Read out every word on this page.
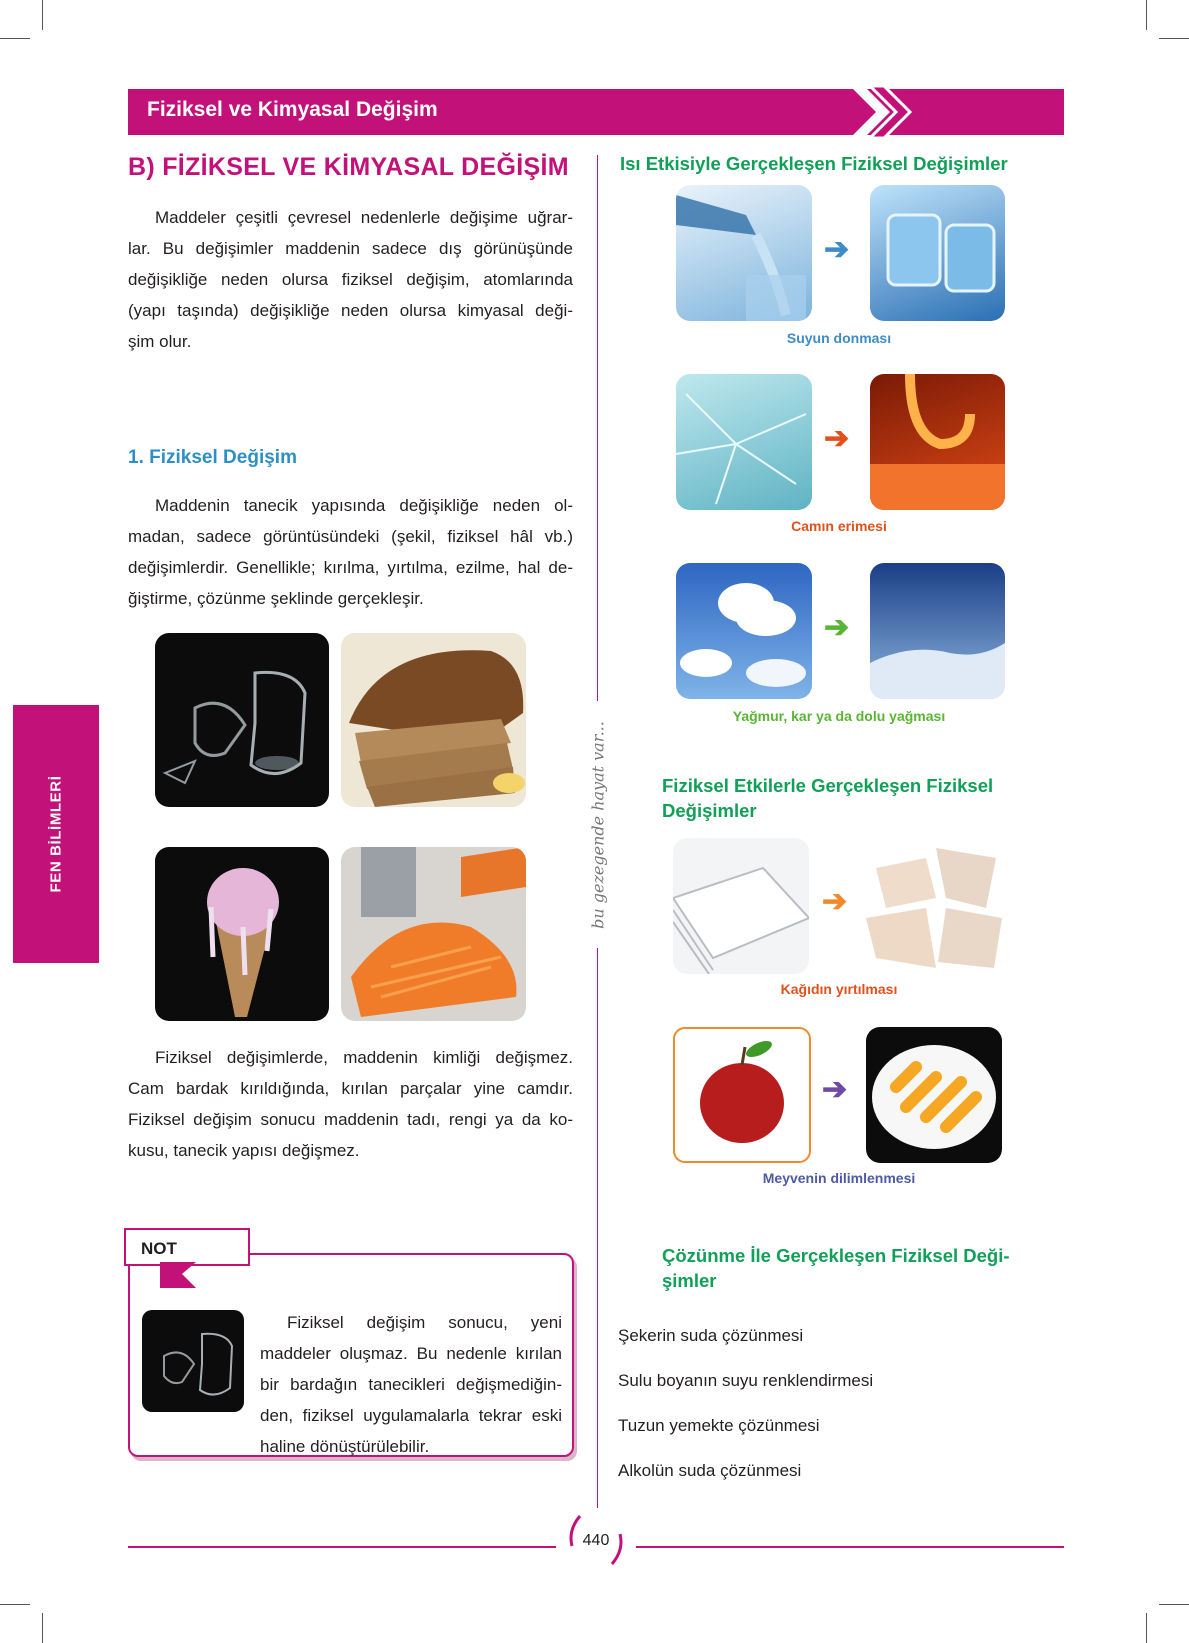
Fiziksel ve Kimyasal Değişim
B) FİZİKSEL VE KİMYASAL DEĞİŞİM
Maddeler çeşitli çevresel nedenlerle değişime uğrar-
lar. Bu değişimler maddenin sadece dış görünüşünde
değişikliğe neden olursa fiziksel değişim, atomlarında
(yapı taşında) değişikliğe neden olursa kimyasal deği-
şim olur.
1. Fiziksel Değişim
Maddenin tanecik yapısında değişikliğe neden ol-
madan, sadece görüntüsündeki (şekil, fiziksel hâl vb.)
değişimlerdir. Genellikle; kırılma, yırtılma, ezilme, hal de-
ğiştirme, çözünme şeklinde gerçekleşir.
Fiziksel değişimlerde, maddenin kimliği değişmez.
Cam bardak kırıldığında, kırılan parçalar yine camdır.
Fiziksel değişim sonucu maddenin tadı, rengi ya da ko-
kusu, tanecik yapısı değişmez.
NOT
Fiziksel değişim sonucu, yeni
maddeler oluşmaz. Bu nedenle kırılan
bir bardağın tanecikleri değişmediğin-
den, fiziksel uygulamalarla tekrar eski
haline dönüştürülebilir.
FEN BİLİMLERİ	bu gezegende hayat var...
Isı Etkisiyle Gerçekleşen Fiziksel Değişimler
➔
Suyun donması
➔
Camın erimesi
➔
Yağmur, kar ya da dolu yağması
Fiziksel Etkilerle Gerçekleşen Fiziksel
Değişimler
➔
Kağıdın yırtılması
➔
Meyvenin dilimlenmesi
Çözünme İle Gerçekleşen Fiziksel Deği-
şimler
Şekerin suda çözünmesi
Sulu boyanın suyu renklendirmesi
Tuzun yemekte çözünmesi
Alkolün suda çözünmesi
440
